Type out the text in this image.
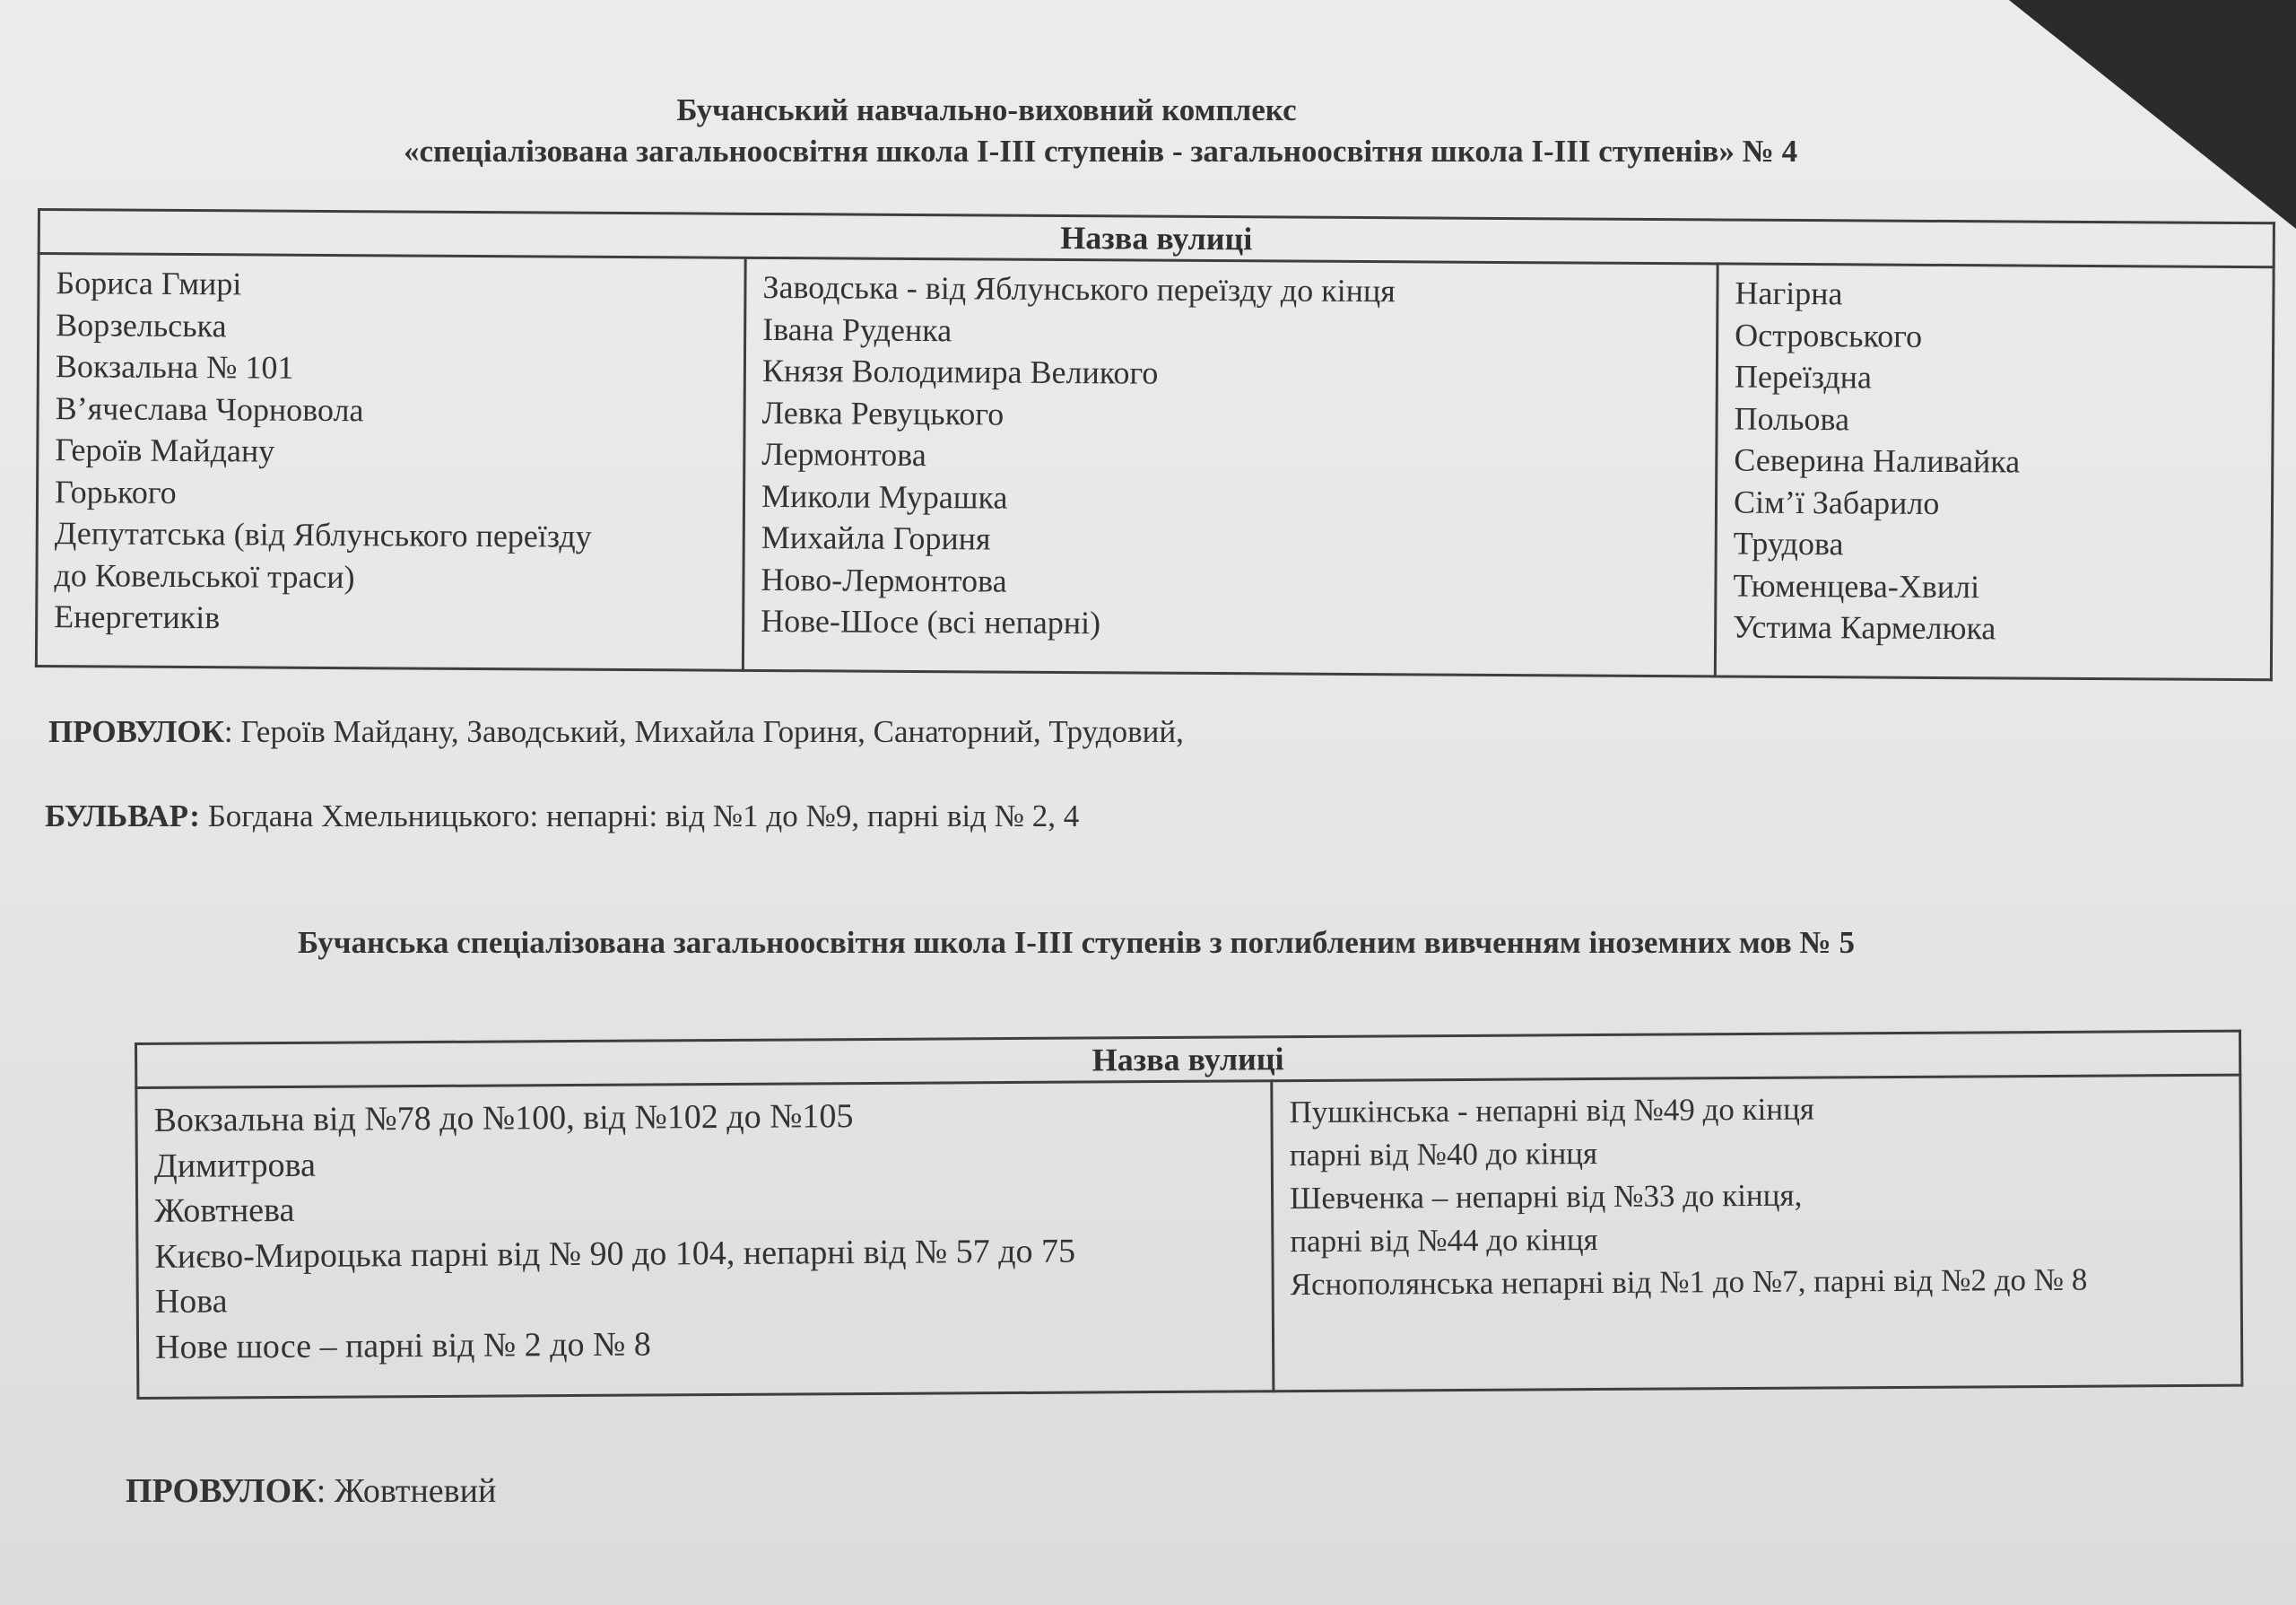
Бучанський навчально-виховний комплекс
«спеціалізована загальноосвітня школа І-ІІІ ступенів - загальноосвітня школа І-ІІІ ступенів» № 4
Назва вулиці

Бориса Гмирі
Ворзельська
Вокзальна № 101
В’ячеслава Чорновола
Героїв Майдану
Горького
Депутатська (від Яблунського переїзду
до Ковельської траси)
Енергетиків

Заводська - від Яблунського переїзду до кінця
Івана Руденка
Князя Володимира Великого
Левка Ревуцького
Лермонтова
Миколи Мурашка
Михайла Гориня
Ново-Лермонтова
Нове-Шосе (всі непарні)

Нагірна
Островського
Переїздна
Польова
Северина Наливайка
Сім’ї Забарило
Трудова
Тюменцева-Хвилі
Устима Кармелюка
ПРОВУЛОК: Героїв Майдану, Заводський, Михайла Гориня, Санаторний, Трудовий,
БУЛЬВАР: Богдана Хмельницького: непарні: від №1 до №9, парні від № 2, 4
Бучанська спеціалізована загальноосвітня школа І-ІІІ ступенів з поглибленим вивченням іноземних мов № 5
Назва вулиці

Вокзальна від №78 до №100, від №102 до №105
Димитрова
Жовтнева
Києво-Мироцька парні від № 90 до 104, непарні від № 57 до 75
Нова
Нове шосе – парні від № 2 до № 8

Пушкінська - непарні від №49 до кінця
парні від №40 до кінця
Шевченка – непарні від №33 до кінця,
парні від №44 до кінця
Яснополянська непарні від №1 до №7, парні від №2 до № 8
ПРОВУЛОК: Жовтневий
